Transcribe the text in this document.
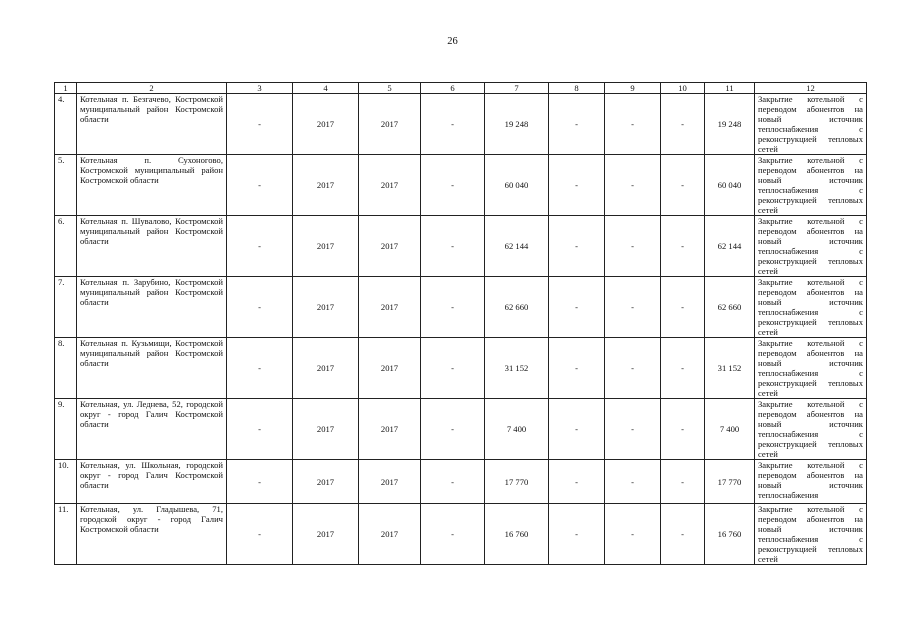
26
1	2	3	4	5	6	7	8	9	10	11	12
4.	Котельная п. Безгачево, Костромской муниципальный район Костромской области	-	2017	2017	-	19 248	-	-	-	19 248	Закрытие котельной с переводом абонентов на новый источник теплоснабжения с реконструкцией тепловых сетей
5.	Котельная п. Сухоногово, Костромской муниципальный район Костромской области	-	2017	2017	-	60 040	-	-	-	60 040	Закрытие котельной с переводом абонентов на новый источник теплоснабжения с реконструкцией тепловых сетей
6.	Котельная п. Шувалово, Костромской муниципальный район Костромской области	-	2017	2017	-	62 144	-	-	-	62 144	Закрытие котельной с переводом абонентов на новый источник теплоснабжения с реконструкцией тепловых сетей
7.	Котельная п. Зарубино, Костромской муниципальный район Костромской области	-	2017	2017	-	62 660	-	-	-	62 660	Закрытие котельной с переводом абонентов на новый источник теплоснабжения с реконструкцией тепловых сетей
8.	Котельная п. Кузьмищи, Костромской муниципальный район Костромской области	-	2017	2017	-	31 152	-	-	-	31 152	Закрытие котельной с переводом абонентов на новый источник теплоснабжения с реконструкцией тепловых сетей
9.	Котельная, ул. Леднева, 52, городской округ - город Галич Костромской области	-	2017	2017	-	7 400	-	-	-	7 400	Закрытие котельной с переводом абонентов на новый источник теплоснабжения с реконструкцией тепловых сетей
10.	Котельная, ул. Школьная, городской округ - город Галич Костромской области	-	2017	2017	-	17 770	-	-	-	17 770	Закрытие котельной с переводом абонентов на новый источник теплоснабжения
11.	Котельная, ул. Гладышева, 71, городской округ - город Галич Костромской области	-	2017	2017	-	16 760	-	-	-	16 760	Закрытие котельной с переводом абонентов на новый источник теплоснабжения с реконструкцией тепловых сетей
